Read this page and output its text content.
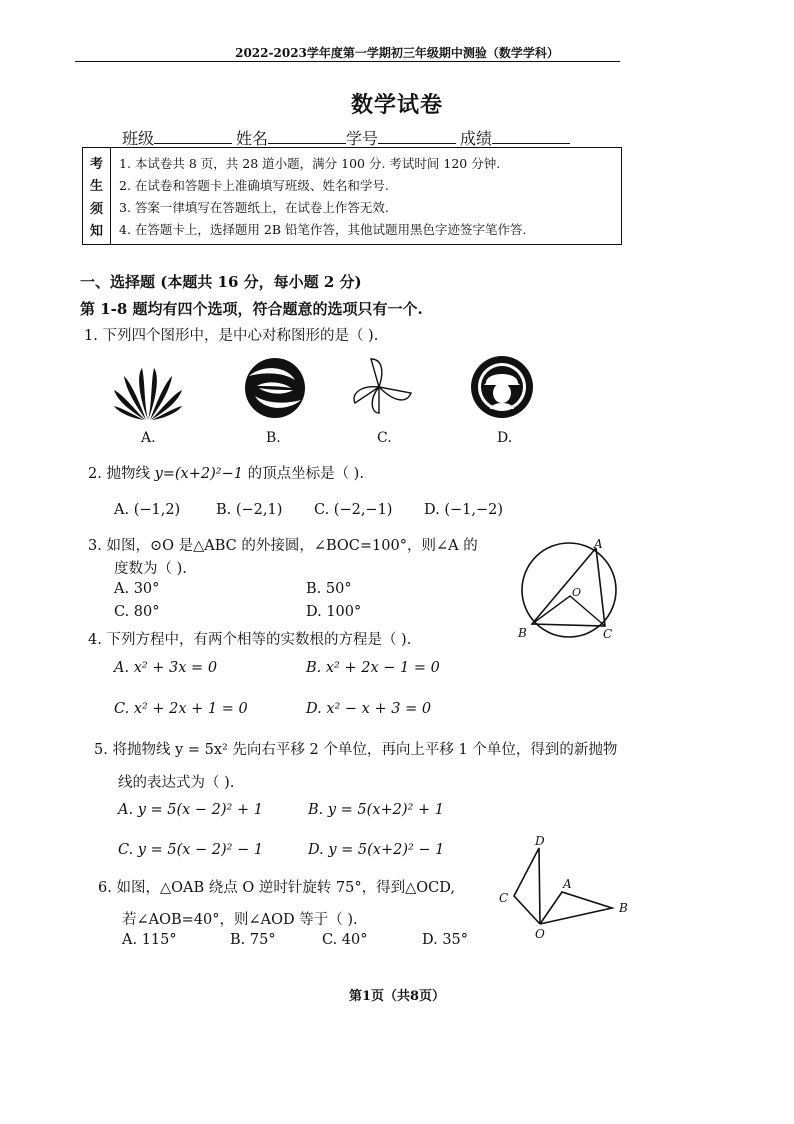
2022-2023学年度第一学期初三年级期中测验（数学学科）
数学试卷
班级	姓名	学号	成绩
考
生
须
知
1. 本试卷共 8 页，共 28 道小题，满分 100 分. 考试时间 120 分钟.
2. 在试卷和答题卡上准确填写班级、姓名和学号.
3. 答案一律填写在答题纸上，在试卷上作答无效.
4. 在答题卡上，选择题用 2B 铅笔作答，其他试题用黑色字迹签字笔作答.
一、选择题 (本题共 16 分，每小题 2 分)
第 1-8 题均有四个选项，符合题意的选项只有一个.
1. 下列四个图形中，是中心对称图形的是（ ).
A.	B.	C.	D.
2. 抛物线 y=(x+2)²−1 的顶点坐标是（ ).
A. (−1,2) B. (−2,1) C. (−2,−1) D. (−1,−2)
3. 如图，⊙O 是△ABC 的外接圆，∠BOC=100°，则∠A 的
度数为（ ).
A. 30°	B. 50°
C. 80°	D. 100°
A
O
B	C
4. 下列方程中，有两个相等的实数根的方程是（ ).
A. x² + 3x = 0	B. x² + 2x − 1 = 0
C. x² + 2x + 1 = 0	D. x² − x + 3 = 0
5. 将抛物线 y = 5x² 先向右平移 2 个单位，再向上平移 1 个单位，得到的新抛物
线的表达式为（ ).
A. y = 5(x − 2)² + 1	B. y = 5(x+2)² + 1
C. y = 5(x − 2)² − 1	D. y = 5(x+2)² − 1
6. 如图，△OAB 绕点 O 逆时针旋转 75°，得到△OCD,
若∠AOB=40°，则∠AOD 等于（ ).
A. 115°	B. 75°	C. 40°	D. 35°
D
A
C
B
O
第1页（共8页）
